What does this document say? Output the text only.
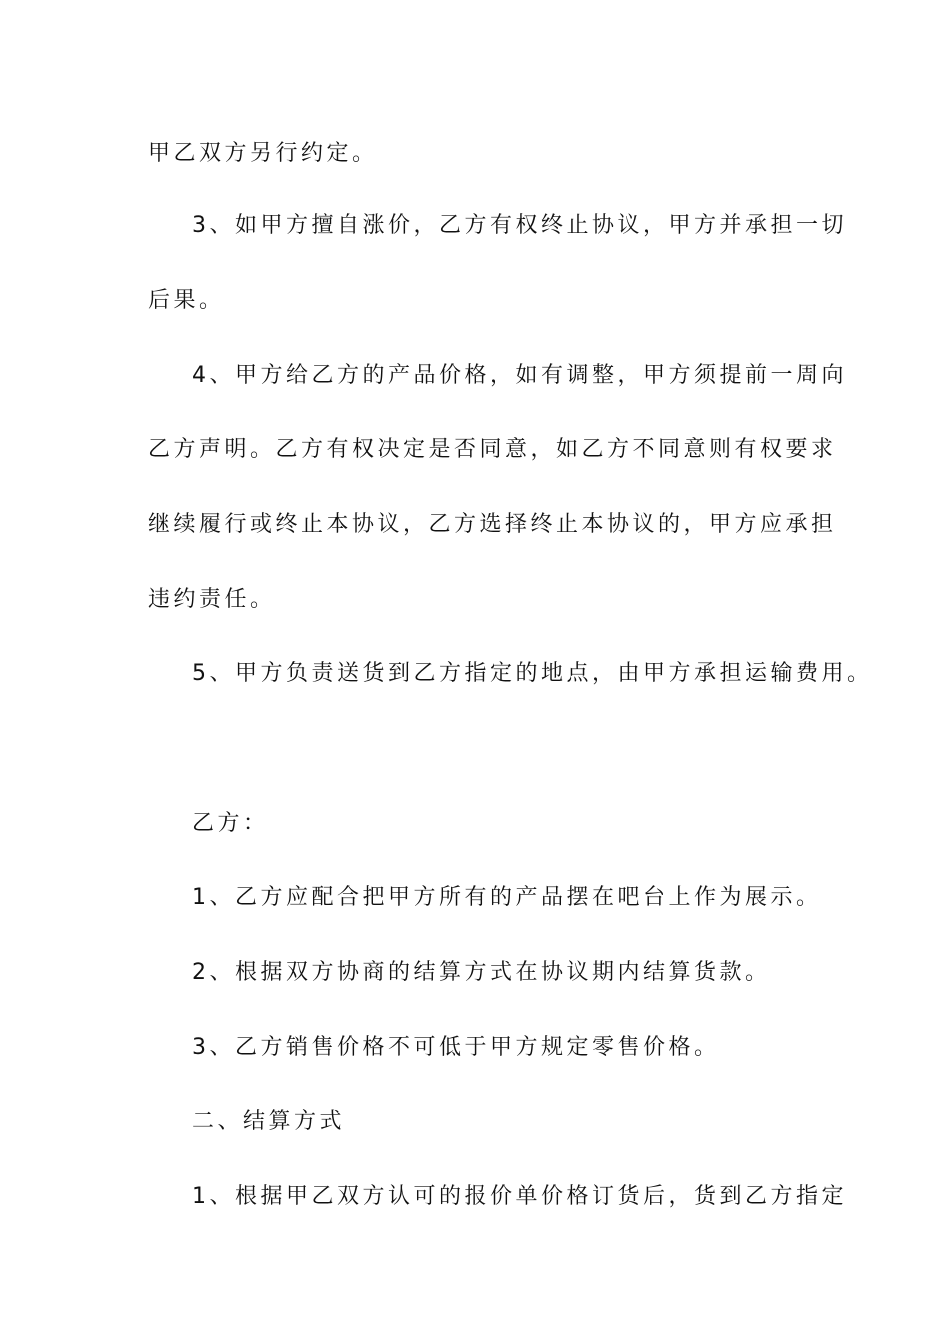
甲乙双方另行约定。

3、如甲方擅自涨价，乙方有权终止协议，甲方并承担一切

后果。

4、甲方给乙方的产品价格，如有调整，甲方须提前一周向

乙方声明。乙方有权决定是否同意，如乙方不同意则有权要求

继续履行或终止本协议，乙方选择终止本协议的，甲方应承担

违约责任。

5、甲方负责送货到乙方指定的地点，由甲方承担运输费用。

乙方：

1、乙方应配合把甲方所有的产品摆在吧台上作为展示。

2、根据双方协商的结算方式在协议期内结算货款。

3、乙方销售价格不可低于甲方规定零售价格。

二、结算方式

1、根据甲乙双方认可的报价单价格订货后，货到乙方指定
